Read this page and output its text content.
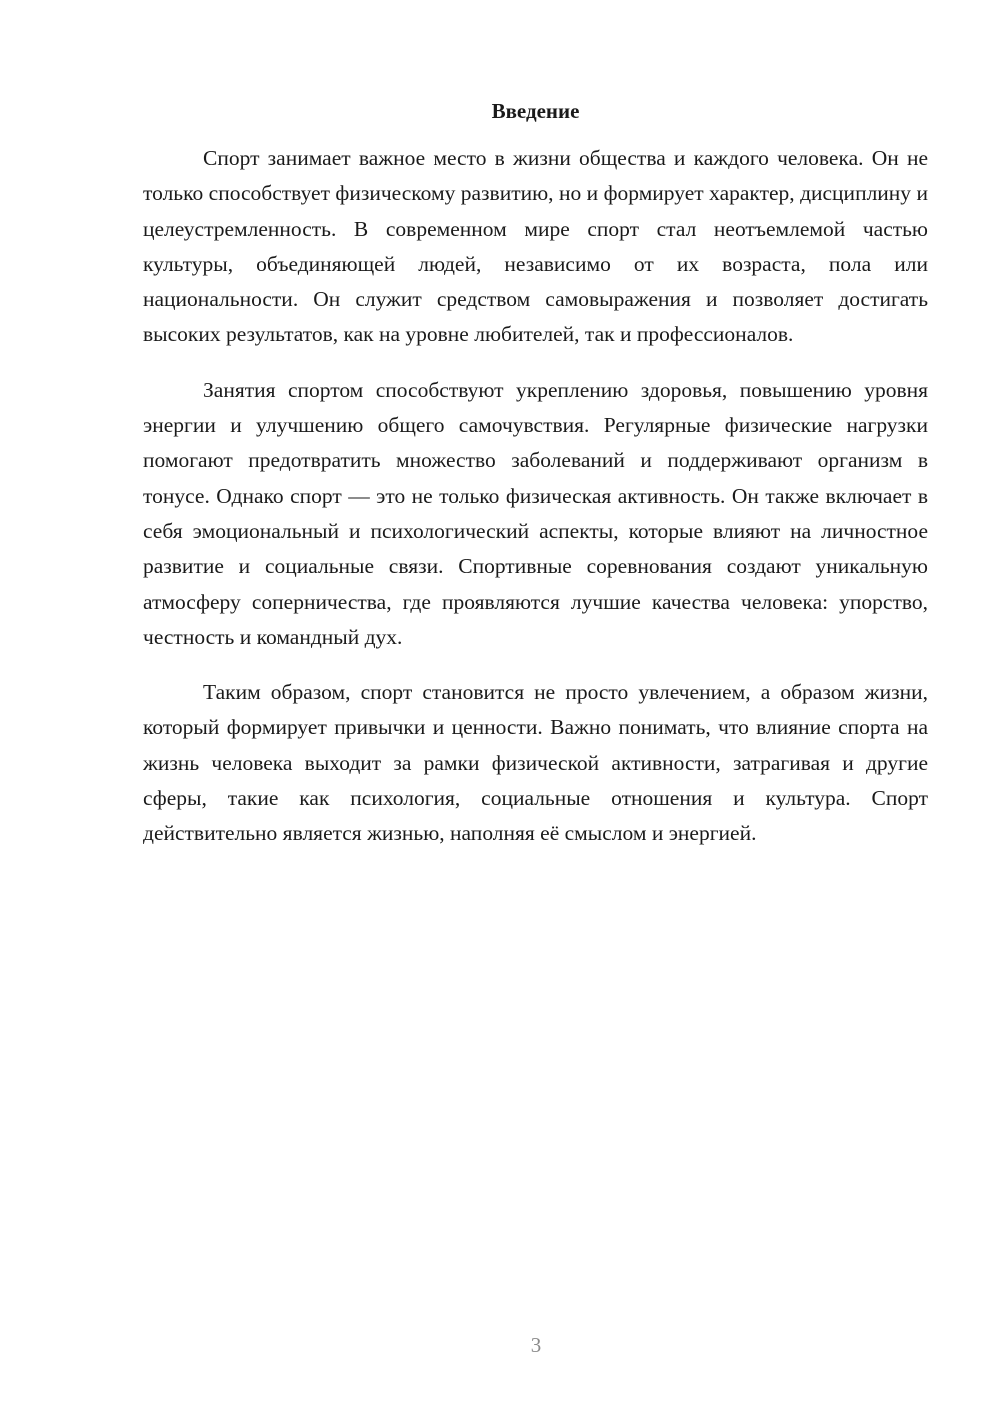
Введение

Спорт занимает важное место в жизни общества и каждого человека. Он не только способствует физическому развитию, но и формирует характер, дисциплину и целеустремленность. В современном мире спорт стал неотъемлемой частью культуры, объединяющей людей, независимо от их возраста, пола или национальности. Он служит средством самовыражения и позволяет достигать высоких результатов, как на уровне любителей, так и профессионалов.

Занятия спортом способствуют укреплению здоровья, повышению уровня энергии и улучшению общего самочувствия. Регулярные физические нагрузки помогают предотвратить множество заболеваний и поддерживают организм в тонусе. Однако спорт — это не только физическая активность. Он также включает в себя эмоциональный и психологический аспекты, которые влияют на личностное развитие и социальные связи. Спортивные соревнования создают уникальную атмосферу соперничества, где проявляются лучшие качества человека: упорство, честность и командный дух.

Таким образом, спорт становится не просто увлечением, а образом жизни, который формирует привычки и ценности. Важно понимать, что влияние спорта на жизнь человека выходит за рамки физической активности, затрагивая и другие сферы, такие как психология, социальные отношения и культура. Спорт действительно является жизнью, наполняя её смыслом и энергией.

3
